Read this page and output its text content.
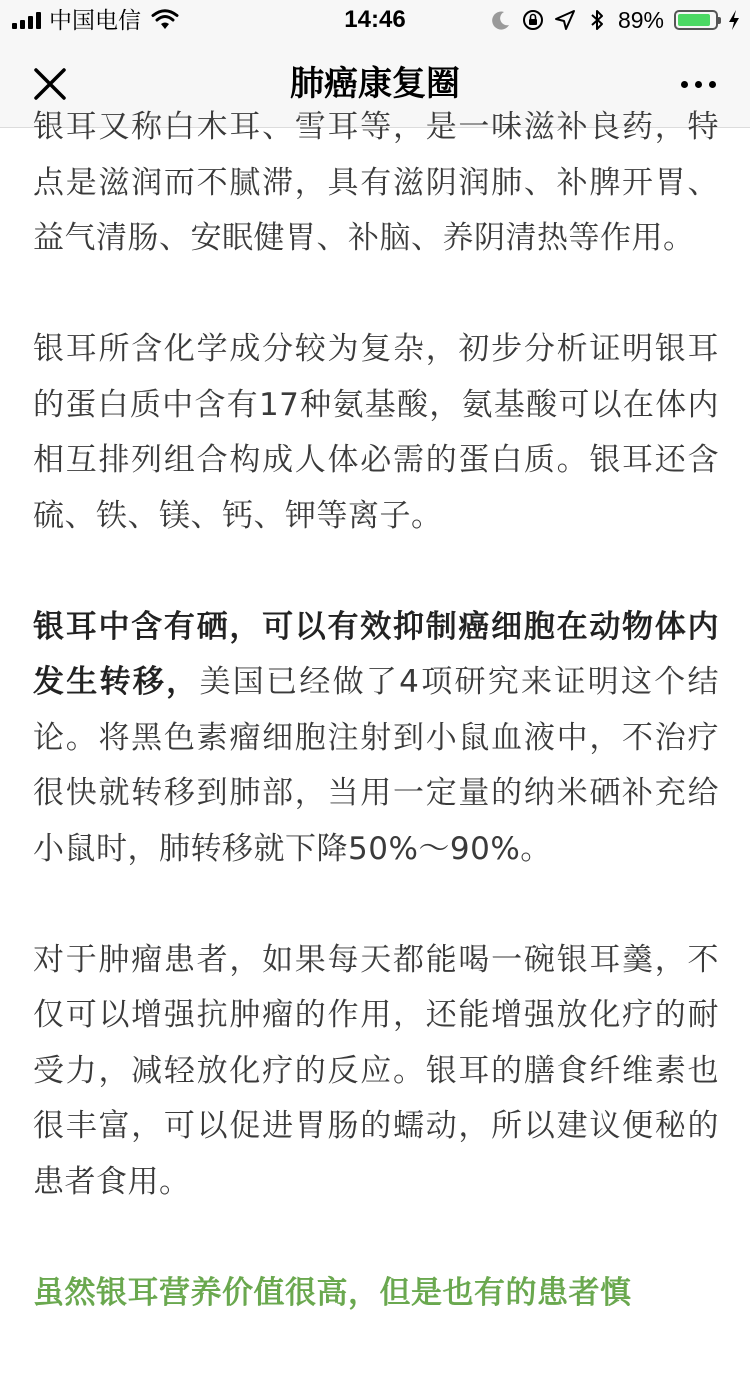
中国电信	14:46	89%
肺癌康复圈

银耳又称白木耳、雪耳等，是一味滋补良药，特点是滋润而不腻滞，具有滋阴润肺、补脾开胃、益气清肠、安眠健胃、补脑、养阴清热等作用。

银耳所含化学成分较为复杂，初步分析证明银耳的蛋白质中含有17种氨基酸，氨基酸可以在体内相互排列组合构成人体必需的蛋白质。银耳还含硫、铁、镁、钙、钾等离子。

银耳中含有硒，可以有效抑制癌细胞在动物体内发生转移，美国已经做了4项研究来证明这个结论。将黑色素瘤细胞注射到小鼠血液中，不治疗很快就转移到肺部，当用一定量的纳米硒补充给小鼠时，肺转移就下降50%～90%。

对于肿瘤患者，如果每天都能喝一碗银耳羹，不仅可以增强抗肿瘤的作用，还能增强放化疗的耐受力，减轻放化疗的反应。银耳的膳食纤维素也很丰富，可以促进胃肠的蠕动，所以建议便秘的患者食用。

虽然银耳营养价值很高，但是也有的患者慎
